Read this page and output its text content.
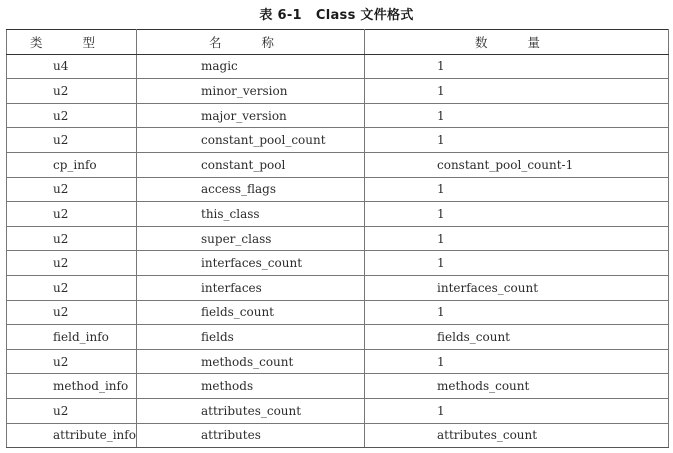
表 6-1 Class 文件格式
类 型	名 称	数 量
u4	magic	1
u2	minor_version	1
u2	major_version	1
u2	constant_pool_count	1
cp_info	constant_pool	constant_pool_count-1
u2	access_flags	1
u2	this_class	1
u2	super_class	1
u2	interfaces_count	1
u2	interfaces	interfaces_count
u2	fields_count	1
field_info	fields	fields_count
u2	methods_count	1
method_info	methods	methods_count
u2	attributes_count	1
attribute_info	attributes	attributes_count
